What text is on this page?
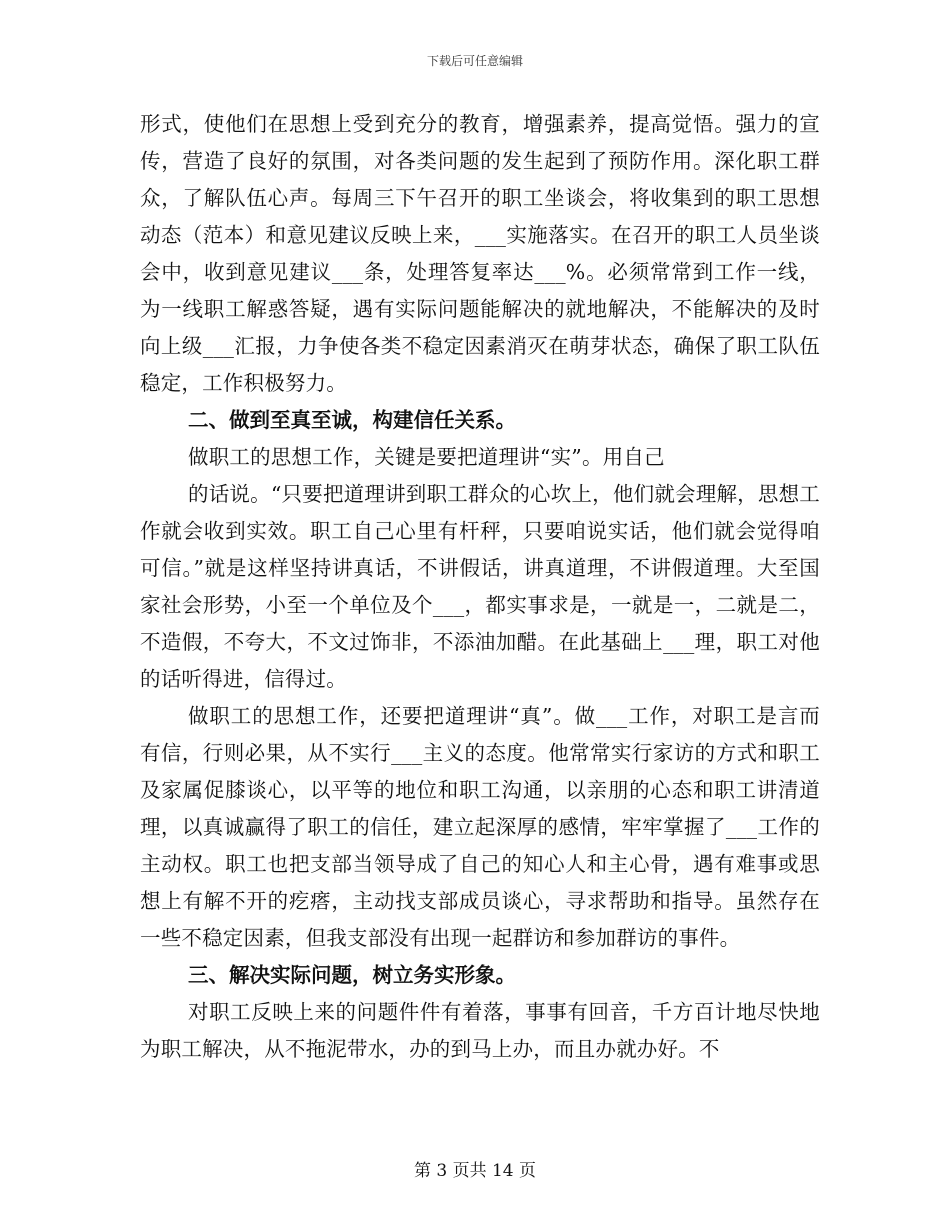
下载后可任意编辑

形式，使他们在思想上受到充分的教育，增强素养，提高觉悟。强力的宣传，营造了良好的氛围，对各类问题的发生起到了预防作用。深化职工群众，了解队伍心声。每周三下午召开的职工坐谈会，将收集到的职工思想动态（范本）和意见建议反映上来，___实施落实。在召开的职工人员坐谈会中，收到意见建议___条，处理答复率达___%。必须常常到工作一线，为一线职工解惑答疑，遇有实际问题能解决的就地解决，不能解决的及时向上级___汇报，力争使各类不稳定因素消灭在萌芽状态，确保了职工队伍稳定，工作积极努力。

二、做到至真至诚，构建信任关系。

做职工的思想工作，关键是要把道理讲“实”。用自己

的话说。“只要把道理讲到职工群众的心坎上，他们就会理解，思想工作就会收到实效。职工自己心里有杆秤，只要咱说实话，他们就会觉得咱可信。”就是这样坚持讲真话，不讲假话，讲真道理，不讲假道理。大至国家社会形势，小至一个单位及个___，都实事求是，一就是一，二就是二，不造假，不夸大，不文过饰非，不添油加醋。在此基础上___理，职工对他的话听得进，信得过。

做职工的思想工作，还要把道理讲“真”。做___工作，对职工是言而有信，行则必果，从不实行___主义的态度。他常常实行家访的方式和职工及家属促膝谈心，以平等的地位和职工沟通，以亲朋的心态和职工讲清道理，以真诚赢得了职工的信任，建立起深厚的感情，牢牢掌握了___工作的主动权。职工也把支部当领导成了自己的知心人和主心骨，遇有难事或思想上有解不开的疙瘩，主动找支部成员谈心，寻求帮助和指导。虽然存在一些不稳定因素，但我支部没有出现一起群访和参加群访的事件。

三、解决实际问题，树立务实形象。

对职工反映上来的问题件件有着落，事事有回音，千方百计地尽快地为职工解决，从不拖泥带水，办的到马上办，而且办就办好。不

第 3 页共 14 页
